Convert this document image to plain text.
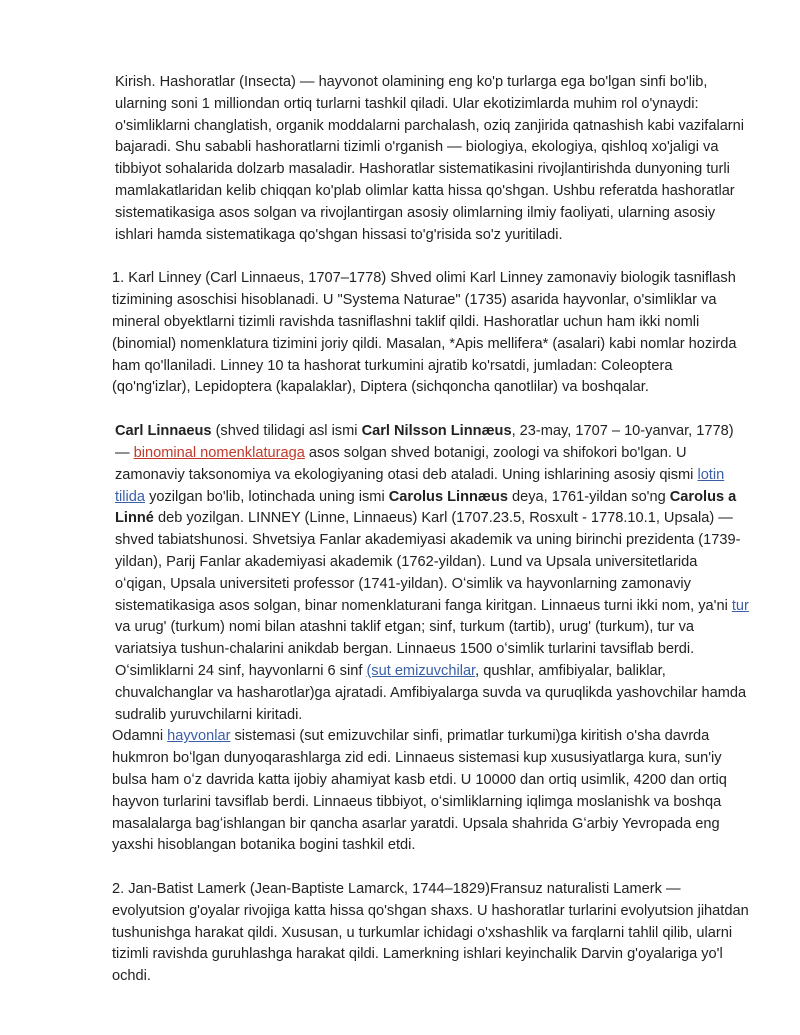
Kirish. Hashoratlar (Insecta) — hayvonot olamining eng ko'p turlarga ega bo'lgan sinfi bo'lib, ularning soni 1 milliondan ortiq turlarni tashkil qiladi. Ular ekotizimlarda muhim rol o'ynaydi: o'simliklarni changlatish, organik moddalarni parchalash, oziq zanjirida qatnashish kabi vazifalarni bajaradi. Shu sababli hashoratlarni tizimli o'rganish — biologiya, ekologiya, qishloq xo'jaligi va tibbiyot sohalarida dolzarb masaladir. Hashoratlar sistematikasini rivojlantirishda dunyoning turli mamlakatlaridan kelib chiqqan ko'plab olimlar katta hissa qo'shgan. Ushbu referatda hashoratlar sistematikasiga asos solgan va rivojlantirgan asosiy olimlarning ilmiy faoliyati, ularning asosiy ishlari hamda sistematikaga qo'shgan hissasi to'g'risida so'z yuritiladi.

1. Karl Linney (Carl Linnaeus, 1707–1778) Shved olimi Karl Linney zamonaviy biologik tasniflash tizimining asoschisi hisoblanadi. U "Systema Naturae" (1735) asarida hayvonlar, o'simliklar va mineral obyektlarni tizimli ravishda tasniflashni taklif qildi. Hashoratlar uchun ham ikki nomli (binomial) nomenklatura tizimini joriy qildi. Masalan, *Apis mellifera* (asalari) kabi nomlar hozirda ham qo'llaniladi. Linney 10 ta hashorat turkumini ajratib ko'rsatdi, jumladan: Coleoptera (qo'ng'izlar), Lepidoptera (kapalaklar), Diptera (sichqoncha qanotlilar) va boshqalar.

Carl Linnaeus (shved tilidagi asl ismi Carl Nilsson Linnæus, 23-may, 1707 – 10-yanvar, 1778) — binominal nomenklaturaga asos solgan shved botanigi, zoologi va shifokori bo'lgan. U zamonaviy taksonomiya va ekologiyaning otasi deb ataladi. Uning ishlarining asosiy qismi lotin tilida yozilgan bo'lib, lotinchada uning ismi Carolus Linnæus deya, 1761-yildan so'ng Carolus a Linné deb yozilgan. LINNEY (Linne, Linnaeus) Karl (1707.23.5, Rosxult - 1778.10.1, Upsala) — shved tabiatshunosi. Shvetsiya Fanlar akademiyasi akademik va uning birinchi prezidenta (1739-yildan), Parij Fanlar akademiyasi akademik (1762-yildan). Lund va Upsala universitetlarida oʻqigan, Upsala universiteti professor (1741-yildan). Oʻsimlik va hayvonlarning zamonaviy sistematikasiga asos solgan, binar nomenklaturani fanga kiritgan. Linnaeus turni ikki nom, ya'ni tur va urug' (turkum) nomi bilan atashni taklif etgan; sinf, turkum (tartib), urug' (turkum), tur va variatsiya tushun-chalarini anikdab bergan. Linnaeus 1500 oʻsimlik turlarini tavsiflab berdi. Oʻsimliklarni 24 sinf, hayvonlarni 6 sinf (sut emizuvchilar, qushlar, amfibiyalar, baliklar, chuvalchanglar va hasharotlar)ga ajratadi. Amfibiyalarga suvda va quruqlikda yashovchilar hamda sudralib yuruvchilarni kiritadi.

Odamni hayvonlar sistemasi (sut emizuvchilar sinfi, primatlar turkumi)ga kiritish o'sha davrda hukmron boʻlgan dunyoqarashlarga zid edi. Linnaeus sistemasi kup xususiyatlarga kura, sun'iy bulsa ham oʻz davrida katta ijobiy ahamiyat kasb etdi. U 10000 dan ortiq usimlik, 4200 dan ortiq hayvon turlarini tavsiflab berdi. Linnaeus tibbiyot, oʻsimliklarning iqlimga moslanishk va boshqa masalalarga bagʻishlangan bir qancha asarlar yaratdi. Upsala shahrida Gʻarbiy Yevropada eng yaxshi hisoblangan botanika bogini tashkil etdi.

2. Jan-Batist Lamerk (Jean-Baptiste Lamarck, 1744–1829)Fransuz naturalisti Lamerk — evolyutsion g'oyalar rivojiga katta hissa qo'shgan shaxs. U hashoratlar turlarini evolyutsion jihatdan tushunishga harakat qildi. Xususan, u turkumlar ichidagi o'xshashlik va farqlarni tahlil qilib, ularni tizimli ravishda guruhlashga harakat qildi. Lamerkning ishlari keyinchalik Darvin g'oyalariga yo'l ochdi.
